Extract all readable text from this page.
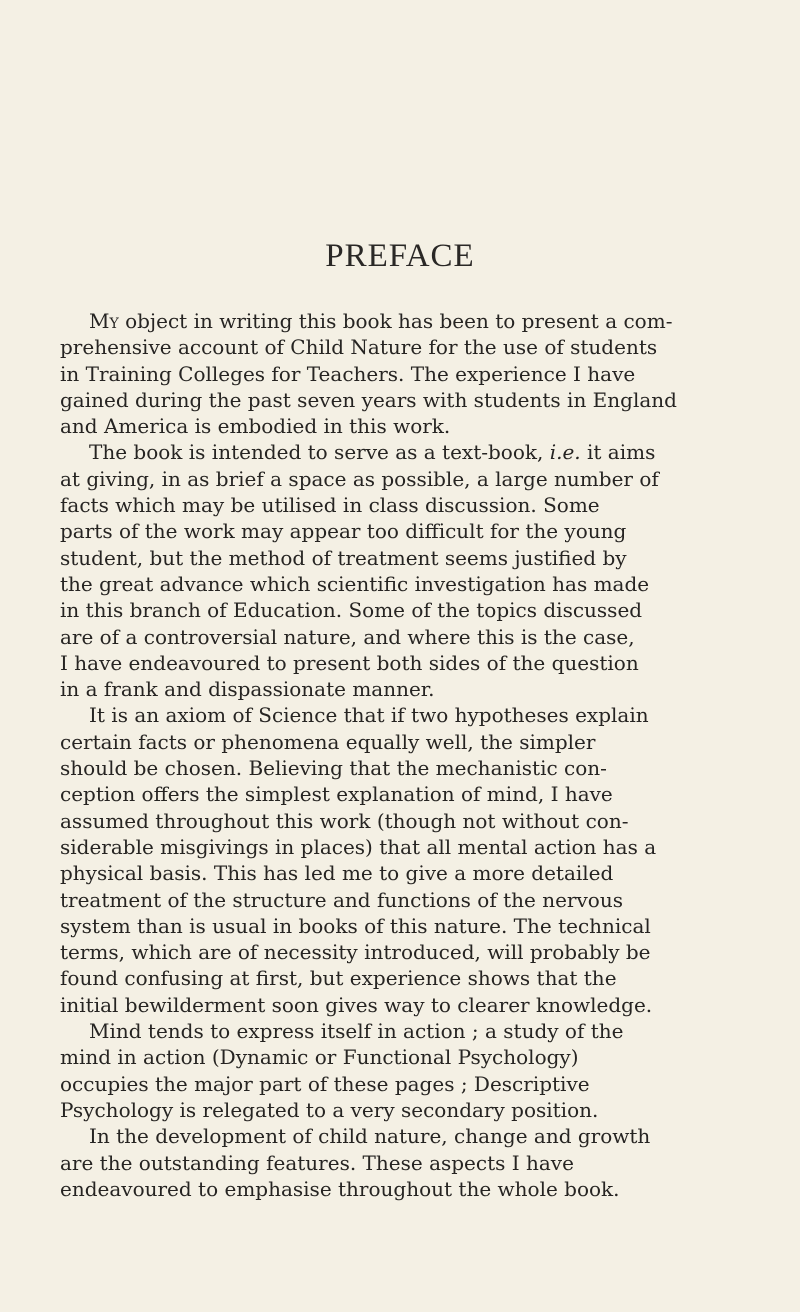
PREFACE
My object in writing this book has been to present a com-
prehensive account of Child Nature for the use of students
in Training Colleges for Teachers. The experience I have
gained during the past seven years with students in England
and America is embodied in this work.
The book is intended to serve as a text-book, i.e. it aims
at giving, in as brief a space as possible, a large number of
facts which may be utilised in class discussion. Some
parts of the work may appear too difficult for the young
student, but the method of treatment seems justified by
the great advance which scientific investigation has made
in this branch of Education. Some of the topics discussed
are of a controversial nature, and where this is the case,
I have endeavoured to present both sides of the question
in a frank and dispassionate manner.
It is an axiom of Science that if two hypotheses explain
certain facts or phenomena equally well, the simpler
should be chosen. Believing that the mechanistic con-
ception offers the simplest explanation of mind, I have
assumed throughout this work (though not without con-
siderable misgivings in places) that all mental action has a
physical basis. This has led me to give a more detailed
treatment of the structure and functions of the nervous
system than is usual in books of this nature. The technical
terms, which are of necessity introduced, will probably be
found confusing at first, but experience shows that the
initial bewilderment soon gives way to clearer knowledge.
Mind tends to express itself in action ; a study of the
mind in action (Dynamic or Functional Psychology)
occupies the major part of these pages ; Descriptive
Psychology is relegated to a very secondary position.
In the development of child nature, change and growth
are the outstanding features. These aspects I have
endeavoured to emphasise throughout the whole book.
